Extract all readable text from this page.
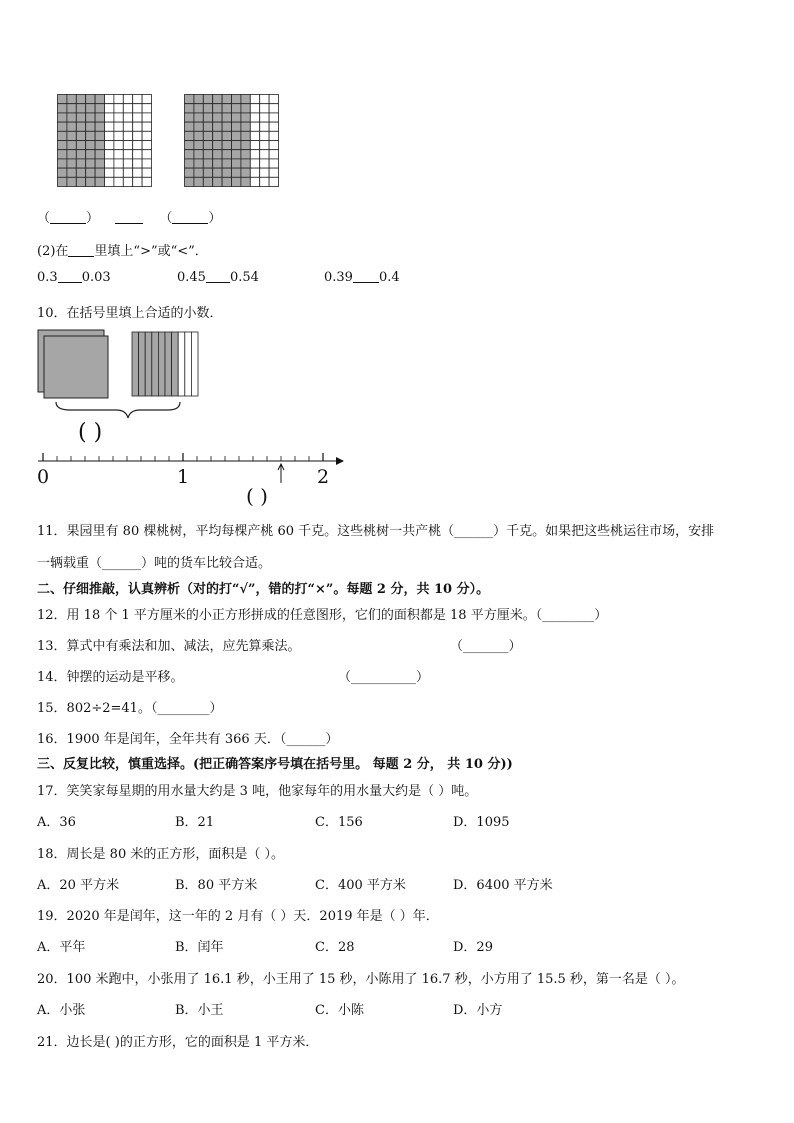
（	）	（	）
(2)在 里填上“>”或“<”．
0.3 0.03	0.45 0.54	0.39 0.4
10．在括号里填上合适的小数．
( )
0	1	2
( )
11．果园里有 80 棵桃树，平均每棵产桃 60 千克。这些桃树一共产桃（______）千克。如果把这些桃运往市场，安排
一辆载重（______）吨的货车比较合适。
二、仔细推敲，认真辨析（对的打“√”，错的打“×”。每题 2 分，共 10 分）。
12．用 18 个 1 平方厘米的小正方形拼成的任意图形，它们的面积都是 18 平方厘米。（________）
13．算式中有乘法和加、减法，应先算乘法。	（_______）
14．钟摆的运动是平移。	（__________）
15．802÷2=41。（________）
16．1900 年是闰年，全年共有 366 天．（______）
三、反复比较，慎重选择。(把正确答案序号填在括号里。 每题 2 分， 共 10 分))
17．笑笑家每星期的用水量大约是 3 吨，他家每年的用水量大约是（ ）吨。
A．36	B．21	C．156	D．1095
18．周长是 80 米的正方形，面积是（ ）。
A．20 平方米	B．80 平方米	C．400 平方米	D．6400 平方米
19．2020 年是闰年，这一年的 2 月有（ ）天．2019 年是（ ）年．
A．平年	B．闰年	C．28	D．29
20．100 米跑中，小张用了 16.1 秒，小王用了 15 秒，小陈用了 16.7 秒，小方用了 15.5 秒，第一名是（ ）。
A．小张	B．小王	C．小陈	D．小方
21．边长是( )的正方形，它的面积是 1 平方米．
